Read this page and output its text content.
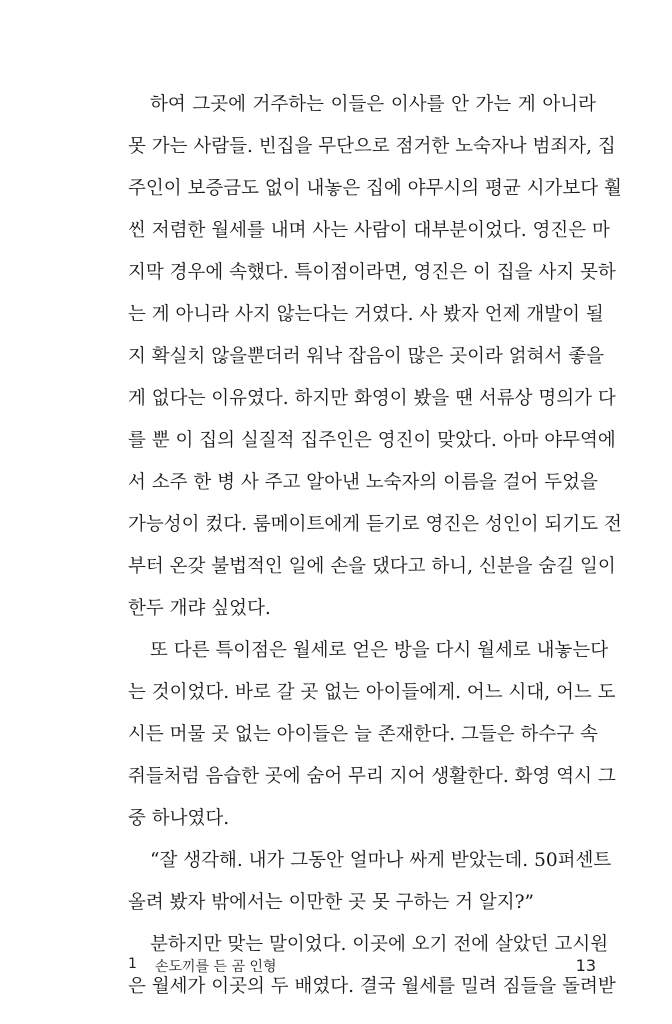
하여 그곳에 거주하는 이들은 이사를 안 가는 게 아니라
못 가는 사람들. 빈집을 무단으로 점거한 노숙자나 범죄자, 집
주인이 보증금도 없이 내놓은 집에 야무시의 평균 시가보다 훨
씬 저렴한 월세를 내며 사는 사람이 대부분이었다. 영진은 마
지막 경우에 속했다. 특이점이라면, 영진은 이 집을 사지 못하
는 게 아니라 사지 않는다는 거였다. 사 봤자 언제 개발이 될
지 확실치 않을뿐더러 워낙 잡음이 많은 곳이라 얽혀서 좋을
게 없다는 이유였다. 하지만 화영이 봤을 땐 서류상 명의가 다
를 뿐 이 집의 실질적 집주인은 영진이 맞았다. 아마 야무역에
서 소주 한 병 사 주고 알아낸 노숙자의 이름을 걸어 두었을
가능성이 컸다. 룸메이트에게 듣기로 영진은 성인이 되기도 전
부터 온갖 불법적인 일에 손을 댔다고 하니, 신분을 숨길 일이
한두 개랴 싶었다.
또 다른 특이점은 월세로 얻은 방을 다시 월세로 내놓는다
는 것이었다. 바로 갈 곳 없는 아이들에게. 어느 시대, 어느 도
시든 머물 곳 없는 아이들은 늘 존재한다. 그들은 하수구 속
쥐들처럼 음습한 곳에 숨어 무리 지어 생활한다. 화영 역시 그
중 하나였다.
“잘 생각해. 내가 그동안 얼마나 싸게 받았는데. 50퍼센트
올려 봤자 밖에서는 이만한 곳 못 구하는 거 알지?”
분하지만 맞는 말이었다. 이곳에 오기 전에 살았던 고시원
은 월세가 이곳의 두 배였다. 결국 월세를 밀려 짐들을 돌려받
1 손도끼를 든 곰 인형	13
